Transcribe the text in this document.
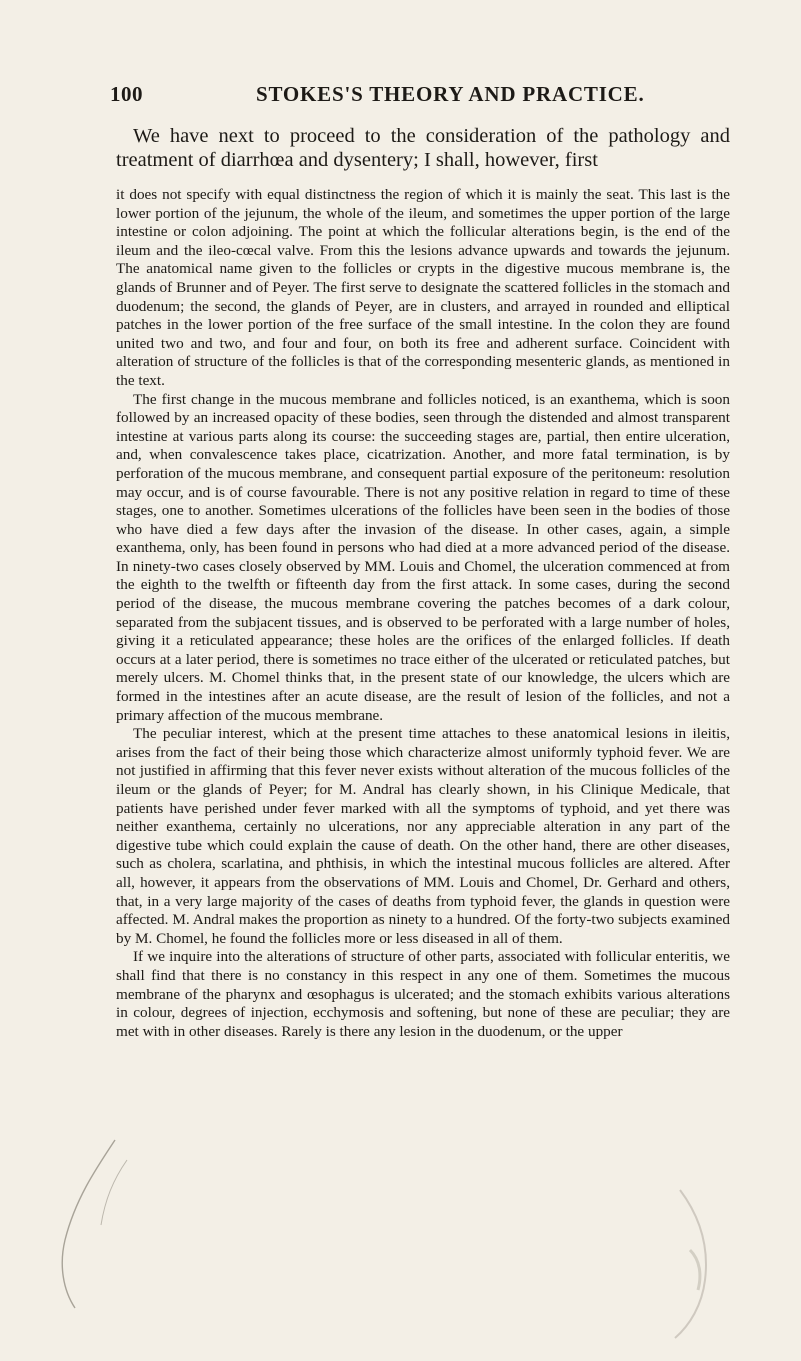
100	STOKES'S THEORY AND PRACTICE.
We have next to proceed to the consideration of the pathology and treatment of diarrhœa and dysentery; I shall, however, first

it does not specify with equal distinctness the region of which it is mainly the seat. This last is the lower portion of the jejunum, the whole of the ileum, and sometimes the upper portion of the large intestine or colon adjoining. The point at which the follicular alterations begin, is the end of the ileum and the ileo-cœcal valve. From this the lesions advance upwards and towards the jejunum. The anatomical name given to the follicles or crypts in the digestive mucous membrane is, the glands of Brunner and of Peyer. The first serve to designate the scattered follicles in the stomach and duodenum; the second, the glands of Peyer, are in clusters, and arrayed in rounded and elliptical patches in the lower portion of the free surface of the small intestine. In the colon they are found united two and two, and four and four, on both its free and adherent surface. Coincident with alteration of structure of the follicles is that of the corresponding mesenteric glands, as mentioned in the text.

The first change in the mucous membrane and follicles noticed, is an exanthema, which is soon followed by an increased opacity of these bodies, seen through the distended and almost transparent intestine at various parts along its course: the succeeding stages are, partial, then entire ulceration, and, when convalescence takes place, cicatrization. Another, and more fatal termination, is by perforation of the mucous membrane, and consequent partial exposure of the peritoneum: resolution may occur, and is of course favourable. There is not any positive relation in regard to time of these stages, one to another. Sometimes ulcerations of the follicles have been seen in the bodies of those who have died a few days after the invasion of the disease. In other cases, again, a simple exanthema, only, has been found in persons who had died at a more advanced period of the disease. In ninety-two cases closely observed by MM. Louis and Chomel, the ulceration commenced at from the eighth to the twelfth or fifteenth day from the first attack. In some cases, during the second period of the disease, the mucous membrane covering the patches becomes of a dark colour, separated from the subjacent tissues, and is observed to be perforated with a large number of holes, giving it a reticulated appearance; these holes are the orifices of the enlarged follicles. If death occurs at a later period, there is sometimes no trace either of the ulcerated or reticulated patches, but merely ulcers. M. Chomel thinks that, in the present state of our knowledge, the ulcers which are formed in the intestines after an acute disease, are the result of lesion of the follicles, and not a primary affection of the mucous membrane.

The peculiar interest, which at the present time attaches to these anatomical lesions in ileitis, arises from the fact of their being those which characterize almost uniformly typhoid fever. We are not justified in affirming that this fever never exists without alteration of the mucous follicles of the ileum or the glands of Peyer; for M. Andral has clearly shown, in his Clinique Medicale, that patients have perished under fever marked with all the symptoms of typhoid, and yet there was neither exanthema, certainly no ulcerations, nor any appreciable alteration in any part of the digestive tube which could explain the cause of death. On the other hand, there are other diseases, such as cholera, scarlatina, and phthisis, in which the intestinal mucous follicles are altered. After all, however, it appears from the observations of MM. Louis and Chomel, Dr. Gerhard and others, that, in a very large majority of the cases of deaths from typhoid fever, the glands in question were affected. M. Andral makes the proportion as ninety to a hundred. Of the forty-two subjects examined by M. Chomel, he found the follicles more or less diseased in all of them.

If we inquire into the alterations of structure of other parts, associated with follicular enteritis, we shall find that there is no constancy in this respect in any one of them. Sometimes the mucous membrane of the pharynx and œsophagus is ulcerated; and the stomach exhibits various alterations in colour, degrees of injection, ecchymosis and softening, but none of these are peculiar; they are met with in other diseases. Rarely is there any lesion in the duodenum, or the upper
